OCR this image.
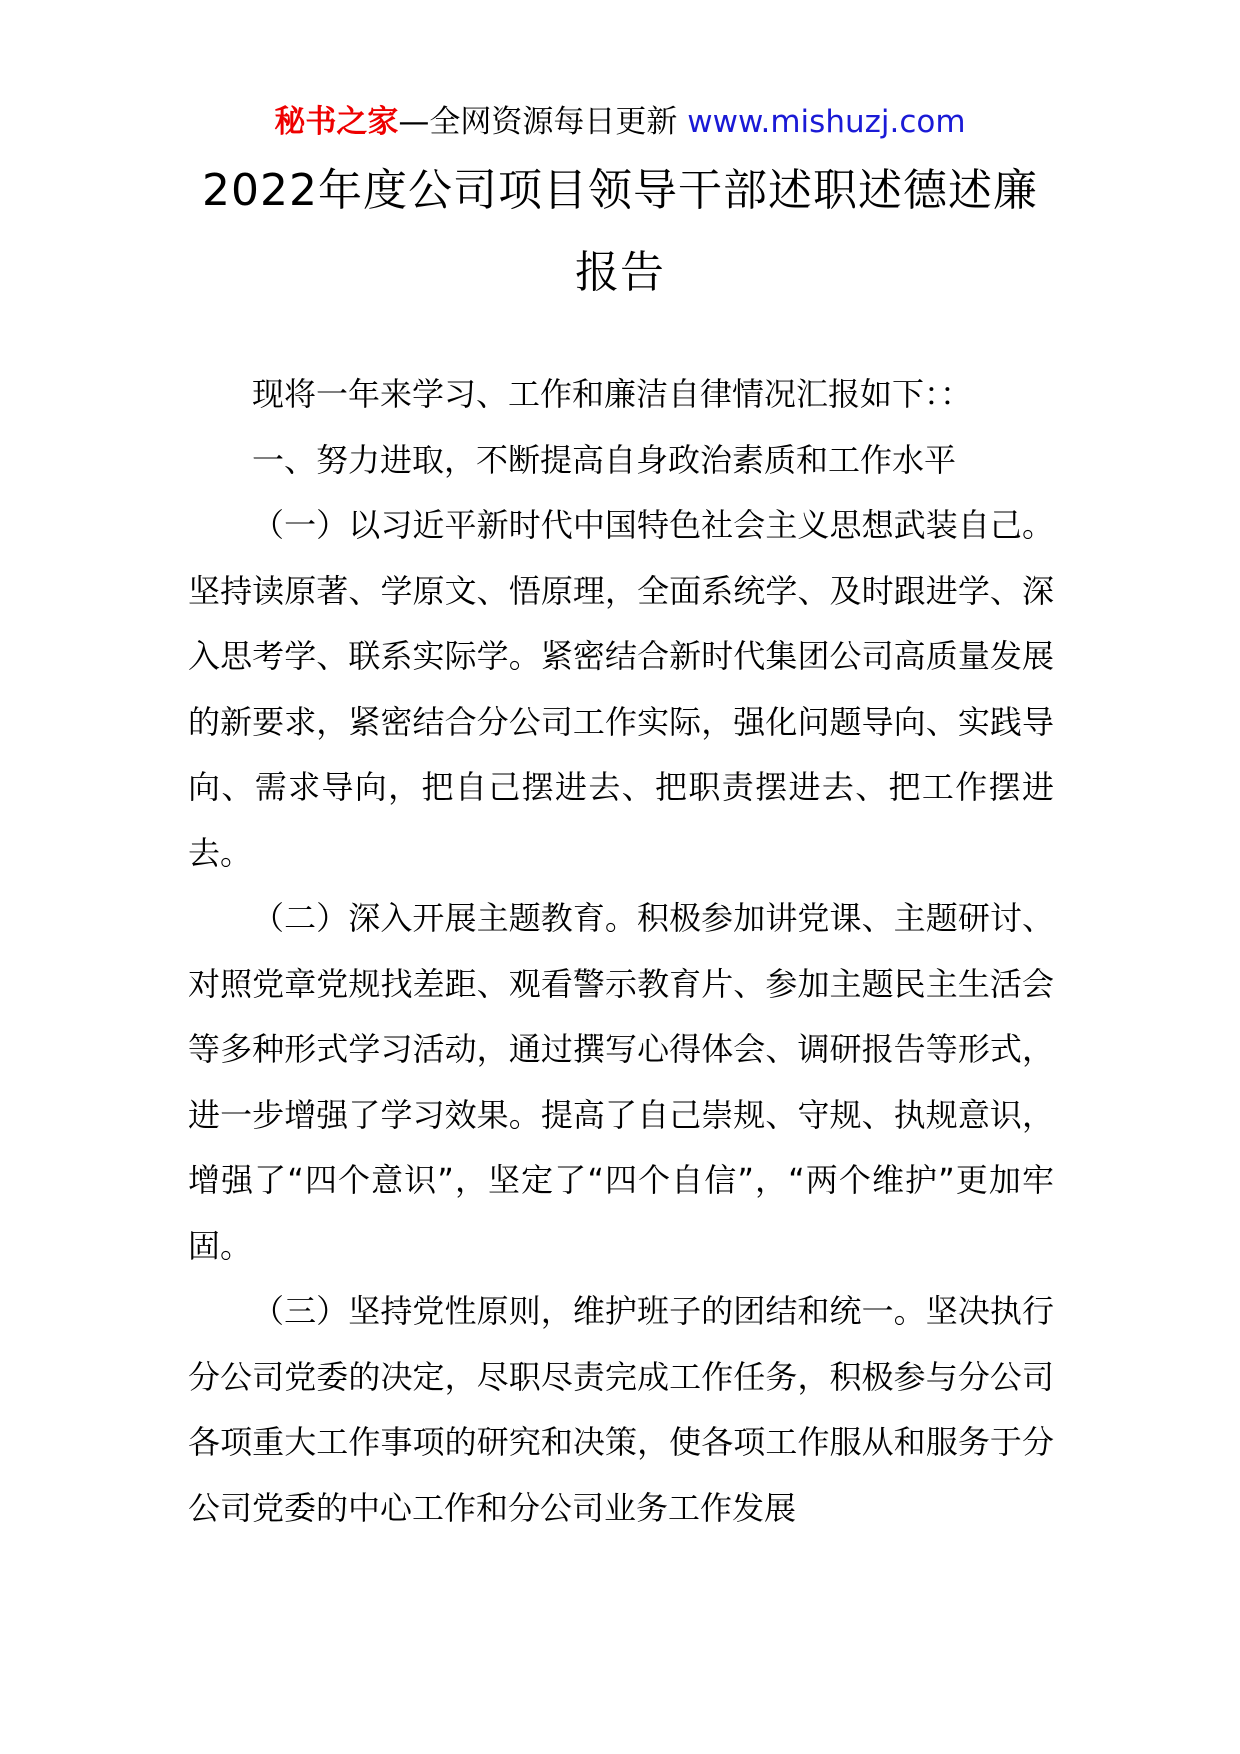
秘书之家—全网资源每日更新 www.mishuzj.com
2022年度公司项目领导干部述职述德述廉报告

现将一年来学习、工作和廉洁自律情况汇报如下：：

一、努力进取，不断提高自身政治素质和工作水平

（一）以习近平新时代中国特色社会主义思想武装自己。坚持读原著、学原文、悟原理，全面系统学、及时跟进学、深入思考学、联系实际学。紧密结合新时代集团公司高质量发展的新要求，紧密结合分公司工作实际，强化问题导向、实践导向、需求导向，把自己摆进去、把职责摆进去、把工作摆进去。

（二）深入开展主题教育。积极参加讲党课、主题研讨、对照党章党规找差距、观看警示教育片、参加主题民主生活会等多种形式学习活动，通过撰写心得体会、调研报告等形式，进一步增强了学习效果。提高了自己崇规、守规、执规意识，增强了“四个意识”，坚定了“四个自信”，“两个维护”更加牢固。

（三）坚持党性原则，维护班子的团结和统一。坚决执行分公司党委的决定，尽职尽责完成工作任务，积极参与分公司各项重大工作事项的研究和决策，使各项工作服从和服务于分公司党委的中心工作和分公司业务工作发展
